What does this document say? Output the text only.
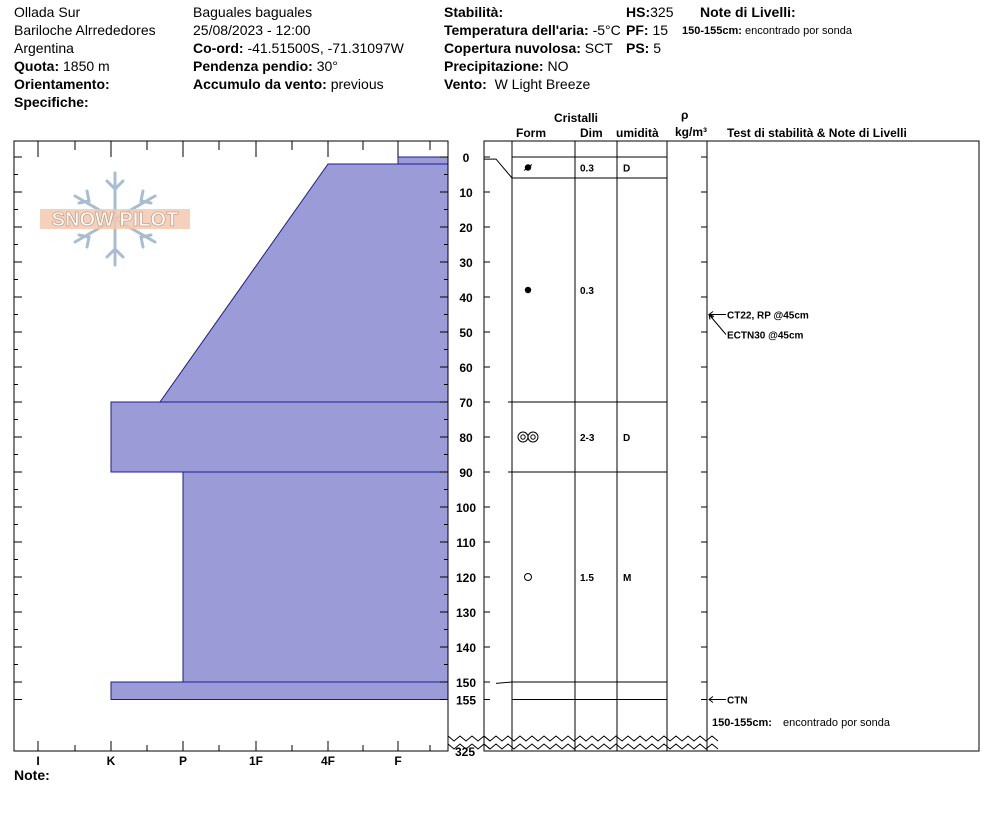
Ollada Sur
Bariloche Alrrededores
Argentina
Quota: 1850 m
Orientamento:
Specifiche:
Baguales baguales
25/08/2023 - 12:00
Co-ord: -41.51500S, -71.31097W
Pendenza pendio: 30°
Accumulo da vento: previous
Stabilità:
Temperatura dell'aria: -5°C
Copertura nuvolosa: SCT
Precipitazione: NO
Vento: W Light Breeze
HS:325
PF: 15
PS: 5
Note di Livelli:
150-155cm: encontrado por sonda
Cristalli
Form	Dim umidità
ρ
kg/m³ Test di stabilità & Note di Livelli
I	K	P	1F	4F	F
0
10
20
30
40
50
60
70
80
90
100
110
120
130
140
150
155
SNOW PILOT
0.3	D
0.3
2-3	D
1.5	M
CT22, RP @45cm
ECTN30 @45cm
CTN
325
150-155cm: encontrado por sonda
Note:
